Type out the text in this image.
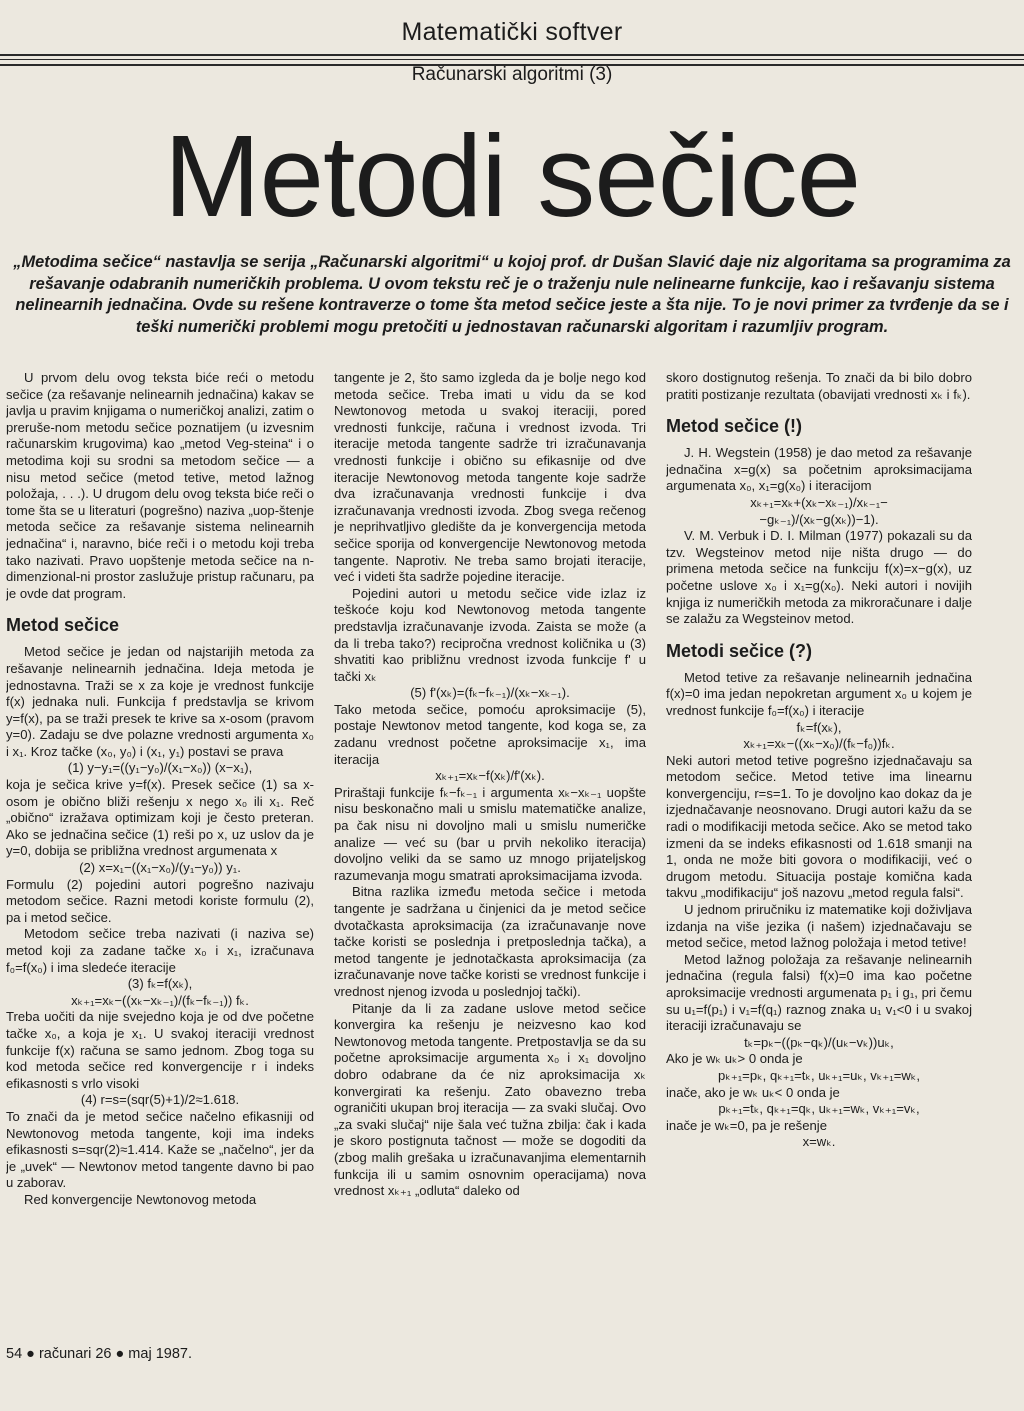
Matematički softver
Računarski algoritmi (3)
Metodi sečice
„Metodima sečice“ nastavlja se serija „Računarski algoritmi“ u kojoj prof. dr Dušan Slavić daje niz algoritama sa programima za rešavanje odabranih numeričkih problema. U ovom tekstu reč je o traženju nule nelinearne funkcije, kao i rešavanju sistema nelinearnih jednačina. Ovde su rešene kontraverze o tome šta metod sečice jeste a šta nije. To je novi primer za tvrđenje da se i teški numerički problemi mogu pretočiti u jednostavan računarski algoritam i razumljiv program.

U prvom delu ovog teksta biće reći o metodu sečice (za rešavanje nelinearnih jednačina) kakav se javlja u pravim knjigama o numeričkoj analizi, zatim o preruše-nom metodu sečice poznatijem (u izvesnim računarskim krugovima) kao „metod Veg-steina“ i o metodima koji su srodni sa metodom sečice — a nisu metod sečice (metod tetive, metod lažnog položaja, . . .). U drugom delu ovog teksta biće reči o tome šta se u literaturi (pogrešno) naziva „uop-štenje metoda sečice za rešavanje sistema nelinearnih jednačina“ i, naravno, biće reči i o metodu koji treba tako nazivati. Pravo uopštenje metoda sečice na n-dimenzional-ni prostor zaslužuje pristup računaru, pa je ovde dat program.

Metod sečice

Metod sečice je jedan od najstarijih metoda za rešavanje nelinearnih jednačina. Ideja metoda je jednostavna. Traži se x za koje je vrednost funkcije f(x) jednaka nuli. Funkcija f predstavlja se krivom y=f(x), pa se traži presek te krive sa x-osom (pravom y=0). Zadaju se dve polazne vrednosti argumenta x₀ i x₁. Kroz tačke (x₀, y₀) i (x₁, y₁) postavi se prava

(1) y−y₁=((y₁−y₀)/(x₁−x₀)) (x−x₁),

koja je sečica krive y=f(x). Presek sečice (1) sa x-osom je obično bliži rešenju x nego x₀ ili x₁. Reč „obično“ izražava optimizam koji je često preteran. Ako se jednačina sečice (1) reši po x, uz uslov da je y=0, dobija se približna vrednost argumenata x

(2) x=x₁−((x₁−x₀)/(y₁−y₀)) y₁.

Formulu (2) pojedini autori pogrešno nazivaju metodom sečice. Razni metodi koriste formulu (2), pa i metod sečice.

Metodom sečice treba nazivati (i naziva se) metod koji za zadane tačke x₀ i x₁, izračunava f₀=f(x₀) i ima sledeće iteracije

(3) fₖ=f(xₖ),

xₖ₊₁=xₖ−((xₖ−xₖ₋₁)/(fₖ−fₖ₋₁)) fₖ.

Treba uočiti da nije svejedno koja je od dve početne tačke x₀, a koja je x₁. U svakoj iteraciji vrednost funkcije f(x) računa se samo jednom. Zbog toga su kod metoda sečice red konvergencije r i indeks efikasnosti s vrlo visoki

(4) r=s=(sqr(5)+1)/2≈1.618.

To znači da je metod sečice načelno efikasniji od Newtonovog metoda tangente, koji ima indeks efikasnosti s=sqr(2)≈1.414. Kaže se „načelno“, jer da je „uvek“ — Newtonov metod tangente davno bi pao u zaborav.

Red konvergencije Newtonovog metoda

tangente je 2, što samo izgleda da je bolje nego kod metoda sečice. Treba imati u vidu da se kod Newtonovog metoda u svakoj iteraciji, pored vrednosti funkcije, računa i vrednost izvoda. Tri iteracije metoda tangente sadrže tri izračunavanja vrednosti funkcije i obično su efikasnije od dve iteracije Newtonovog metoda tangente koje sadrže dva izračunavanja vrednosti funkcije i dva izračunavanja vrednosti izvoda. Zbog svega rečenog je neprihvatljivo gledište da je konvergencija metoda sečice sporija od konvergencije Newtonovog metoda tangente. Naprotiv. Ne treba samo brojati iteracije, već i videti šta sadrže pojedine iteracije.

Pojedini autori u metodu sečice vide izlaz iz teškoće koju kod Newtonovog metoda tangente predstavlja izračunavanje izvoda. Zaista se može (a da li treba tako?) recipročna vrednost količnika u (3) shvatiti kao približnu vrednost izvoda funkcije f' u tački xₖ

(5) f'(xₖ)=(fₖ−fₖ₋₁)/(xₖ−xₖ₋₁).

Tako metoda sečice, pomoću aproksimacije (5), postaje Newtonov metod tangente, kod koga se, za zadanu vrednost početne aproksimacije x₁, ima iteracija

xₖ₊₁=xₖ−f(xₖ)/f'(xₖ).

Priraštaji funkcije fₖ−fₖ₋₁ i argumenta xₖ−xₖ₋₁ uopšte nisu beskonačno mali u smislu matematičke analize, pa čak nisu ni dovoljno mali u smislu numeričke analize — već su (bar u prvih nekoliko iteracija) dovoljno veliki da se samo uz mnogo prijateljskog razumevanja mogu smatrati aproksimacijama izvoda.

Bitna razlika između metoda sečice i metoda tangente je sadržana u činjenici da je metod sečice dvotačkasta aproksimacija (za izračunavanje nove tačke koristi se poslednja i pretposlednja tačka), a metod tangente je jednotačkasta aproksimacija (za izračunavanje nove tačke koristi se vrednost funkcije i vrednost njenog izvoda u poslednjoj tački).

Pitanje da li za zadane uslove metod sečice konvergira ka rešenju je neizvesno kao kod Newtonovog metoda tangente. Pretpostavlja se da su početne aproksimacije argumenta x₀ i x₁ dovoljno dobro odabrane da će niz aproksimacija xₖ konvergirati ka rešenju. Zato obavezno treba ograničiti ukupan broj iteracija — za svaki slučaj. Ovo „za svaki slučaj“ nije šala već tužna zbilja: čak i kada je skoro postignuta tačnost — može se dogoditi da (zbog malih grešaka u izračunavanjima elementarnih funkcija ili u samim osnovnim operacijama) nova vrednost xₖ₊₁ „odluta“ daleko od

skoro dostignutog rešenja. To znači da bi bilo dobro pratiti postizanje rezultata (obavijati vrednosti xₖ i fₖ).

Metod sečice (!)

J. H. Wegstein (1958) je dao metod za rešavanje jednačina x=g(x) sa početnim aproksimacijama argumenata x₀, x₁=g(x₀) i iteracijom

xₖ₊₁=xₖ+(xₖ−xₖ₋₁)/xₖ₋₁−

−gₖ₋₁)/(xₖ−g(xₖ))−1).

V. M. Verbuk i D. I. Milman (1977) pokazali su da tzv. Wegsteinov metod nije ništa drugo — do primena metoda sečice na funkciju f(x)=x−g(x), uz početne uslove x₀ i x₁=g(x₀). Neki autori i novijih knjiga iz numeričkih metoda za mikroračunare i dalje se zalažu za Wegsteinov metod.

Metodi sečice (?)

Metod tetive za rešavanje nelinearnih jednačina f(x)=0 ima jedan nepokretan argument x₀ u kojem je vrednost funkcije f₀=f(x₀) i iteracije

fₖ=f(xₖ),

xₖ₊₁=xₖ−((xₖ−x₀)/(fₖ−f₀))fₖ.

Neki autori metod tetive pogrešno izjednačavaju sa metodom sečice. Metod tetive ima linearnu konvergenciju, r=s=1. To je dovoljno kao dokaz da je izjednačavanje neosnovano. Drugi autori kažu da se radi o modifikaciji metoda sečice. Ako se metod tako izmeni da se indeks efikasnosti od 1.618 smanji na 1, onda ne može biti govora o modifikaciji, već o drugom metodu. Situacija postaje komična kada takvu „modifikaciju“ još nazovu „metod regula falsi“.

U jednom priručniku iz matematike koji doživljava izdanja na više jezika (i našem) izjednačavaju se metod sečice, metod lažnog položaja i metod tetive!

Metod lažnog položaja za rešavanje nelinearnih jednačina (regula falsi) f(x)=0 ima kao početne aproksimacije vrednosti argumenata p₁ i g₁, pri čemu su u₁=f(p₁) i v₁=f(q₁) raznog znaka u₁ v₁<0 i u svakoj iteraciji izračunavaju se

tₖ=pₖ−((pₖ−qₖ)/(uₖ−vₖ))uₖ,

Ako je wₖ uₖ> 0 onda je

pₖ₊₁=pₖ, qₖ₊₁=tₖ, uₖ₊₁=uₖ, vₖ₊₁=wₖ,

inače, ako je wₖ uₖ< 0 onda je

pₖ₊₁=tₖ, qₖ₊₁=qₖ, uₖ₊₁=wₖ, vₖ₊₁=vₖ,

inače je wₖ=0, pa je rešenje

x=wₖ.

54 ● računari 26 ● maj 1987.
